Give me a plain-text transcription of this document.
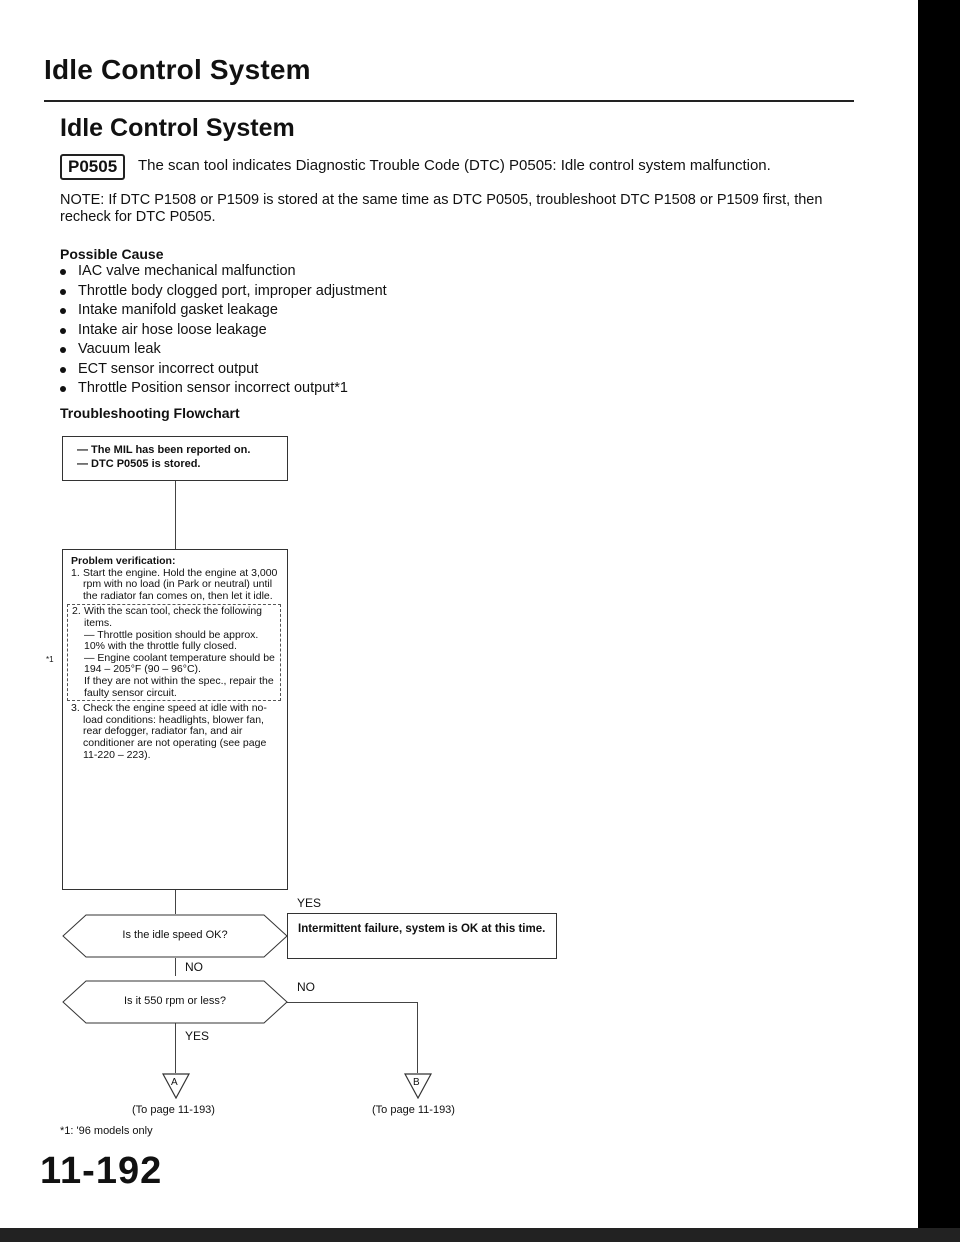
Idle Control System
Idle Control System
P0505	The scan tool indicates Diagnostic Trouble Code (DTC) P0505: Idle control system malfunction.
NOTE: If DTC P1508 or P1509 is stored at the same time as DTC P0505, troubleshoot DTC P1508 or P1509 first, then recheck for DTC P0505.
Possible Cause
IAC valve mechanical malfunction
Throttle body clogged port, improper adjustment
Intake manifold gasket leakage
Intake air hose loose leakage
Vacuum leak
ECT sensor incorrect output
Throttle Position sensor incorrect output*1
Troubleshooting Flowchart
— The MIL has been reported on.
— DTC P0505 is stored.
Problem verification:
1. Start the engine. Hold the engine at 3,000 rpm with no load (in Park or neutral) until the radiator fan comes on, then let it idle.
2. With the scan tool, check the following items.
— Throttle position should be approx. 10% with the throttle fully closed.
— Engine coolant temperature should be 194 – 205°F (90 – 96°C).
If they are not within the spec., repair the faulty sensor circuit.
3. Check the engine speed at idle with no-load conditions: headlights, blower fan, rear defogger, radiator fan, and air conditioner are not operating (see page 11-220 – 223).
*1
Is the idle speed OK?
YES
NO
Intermittent failure, system is OK at this time.
Is it 550 rpm or less?
NO
YES
A	B
(To page 11-193)	(To page 11-193)
*1: '96 models only
11-192
